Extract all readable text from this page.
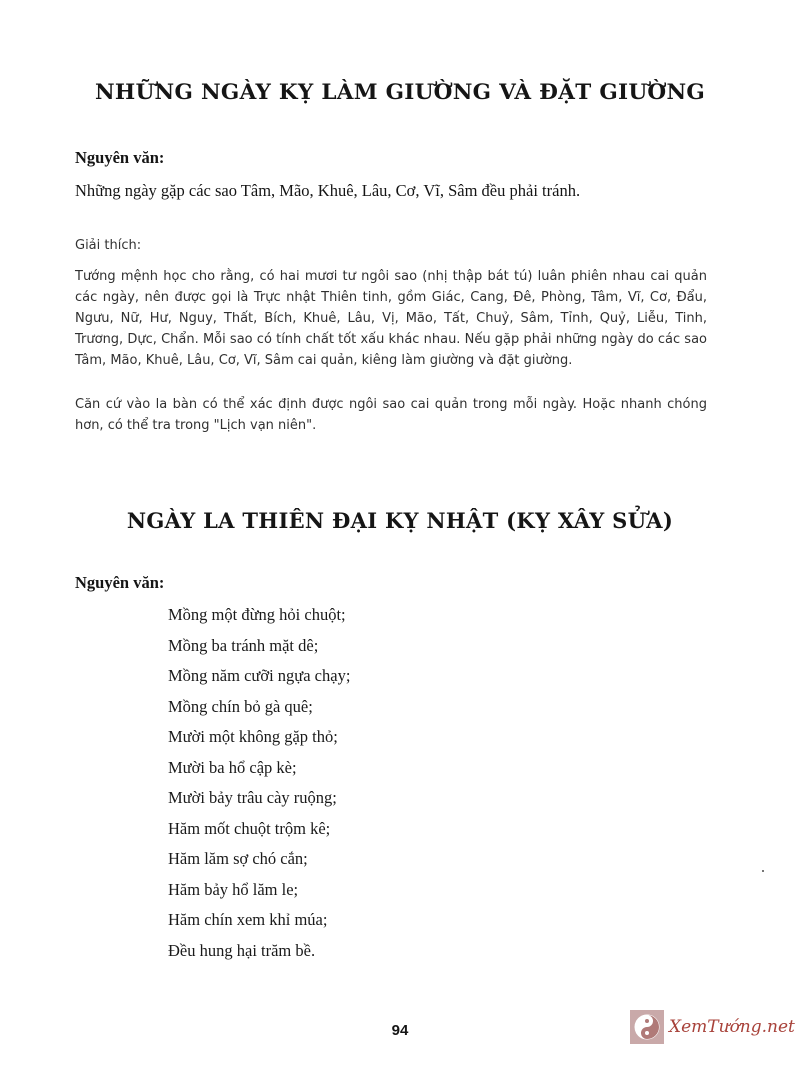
NHỮNG NGÀY KỴ LÀM GIƯỜNG VÀ ĐẶT GIƯỜNG
Nguyên văn:
Những ngày gặp các sao Tâm, Mão, Khuê, Lâu, Cơ, Vĩ, Sâm đều phải tránh.
Giải thích:

Tướng mệnh học cho rằng, có hai mươi tư ngôi sao (nhị thập bát tú) luân phiên nhau cai quản các ngày, nên được gọi là Trực nhật Thiên tinh, gồm Giác, Cang, Đê, Phòng, Tâm, Vĩ, Cơ, Đẩu, Ngưu, Nữ, Hư, Nguy, Thất, Bích, Khuê, Lâu, Vị, Mão, Tất, Chuỷ, Sâm, Tỉnh, Quỷ, Liễu, Tinh, Trương, Dực, Chẩn. Mỗi sao có tính chất tốt xấu khác nhau. Nếu gặp phải những ngày do các sao Tâm, Mão, Khuê, Lâu, Cơ, Vĩ, Sâm cai quản, kiêng làm giường và đặt giường.

Căn cứ vào la bàn có thể xác định được ngôi sao cai quản trong mỗi ngày. Hoặc nhanh chóng hơn, có thể tra trong "Lịch vạn niên".

NGÀY LA THIÊN ĐẠI KỴ NHẬT (KỴ XÂY SỬA)
Nguyên văn:
Mồng một đừng hỏi chuột;
Mồng ba tránh mặt dê;
Mồng năm cưỡi ngựa chạy;
Mồng chín bỏ gà quê;
Mười một không gặp thỏ;
Mười ba hổ cập kè;
Mười bảy trâu cày ruộng;
Hăm mốt chuột trộm kê;
Hăm lăm sợ chó cắn;
Hăm bảy hổ lăm le;
Hăm chín xem khỉ múa;
Đều hung hại trăm bề.
94	XemTướng.net
